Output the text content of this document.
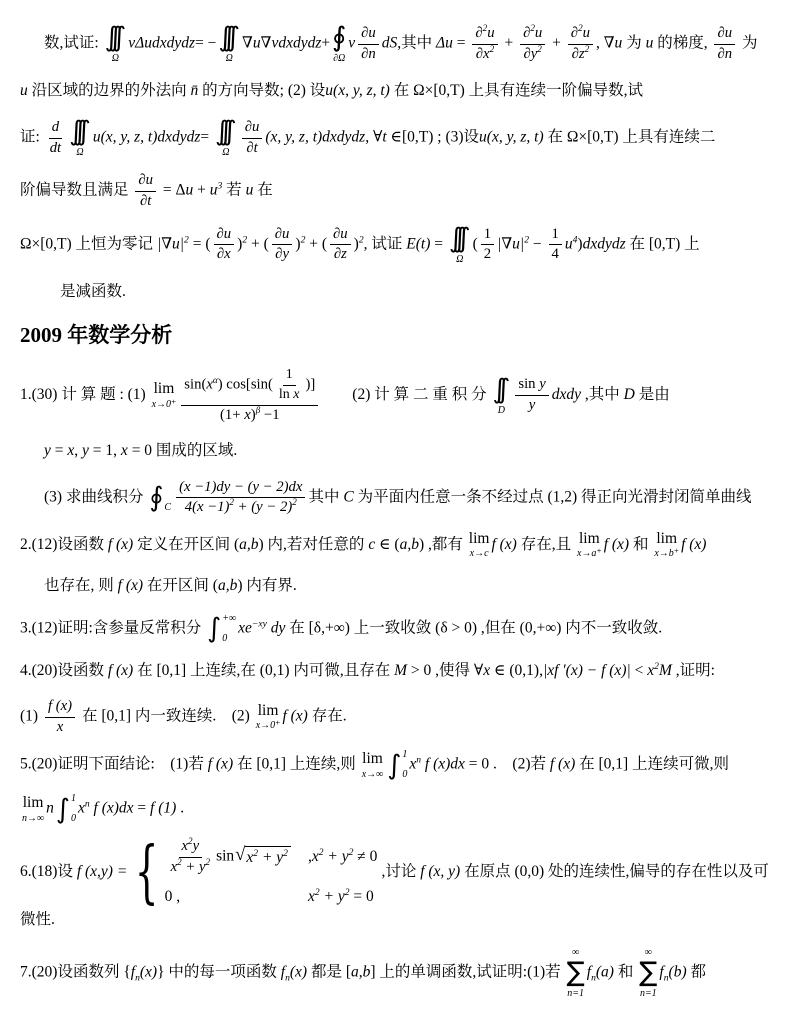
数,试证: ∫∫∫
Ω
vΔudxdydz= − ∫∫∫
Ω
∇u∇vdxdydz+ ∮∮
∂Ω
v $\frac{\partial u}{\partial n}$ dS,其中 $\Delta u = \frac{\partial^2u}{\partial x^2} + \frac{\partial^2u}{\partial y^2} + \frac{\partial^2u}{\partial z^2}$ , ∇u 为 u 的梯度, $\frac{\partial u}{\partial n}$ 为
u 沿区域的边界的外法向 n̄ 的方向导数; (2) 设u(x, y, z, t) 在 Ω×[0,T) 上具有连续一阶偏导数,试
证: $\frac{d}{dt}$ ∫∫∫
Ω
u(x, y, z, t)dxdydz= ∫∫∫
Ω $\frac{\partial u}{\partial t} (x$, y, z, t)dxdydz, ∀t ∈[0,T) ; (3)设u(x, y, z, t) 在 Ω×[0,T) 上具有连续二
阶偏导数且满足 $\frac{\partial u}{\partial t} = \Delta u + u^3$ 若 u 在
Ω×[0,T) 上恒为零记 $|\nabla u|^2$ = ( $\frac{\partial u}{\partial x} )^2$ + ( $\frac{\partial u}{\partial y} )^2$ + ( $\frac{\partial u}{\partial z} )^2$, 试证 E(t) = ∫∫∫
Ω
( $\frac{1}{2} |\nabla u|^2 - \frac{1}{4}$ $u^4)dxdydz$ 在 [0,T) 上
是减函数.
2009 年数学分析
1.(30) 计 算 题 : (1) lim
$x\to 0^+ \frac{\sin(x^\alpha) \cos[\sin( \frac{1}{\text{ln x}} )]}{(1+ x)^\beta -1} (2)$ 计 算 二 重 积 分 ∫∫
D $\frac{\text{sin y}}{y}$ dxdy ,其中 D 是由
y = x, y = 1, x = 0 围成的区域.
(3) 求曲线积分 ∮ C $\frac{(x -1)dy - (y - 2)dx}{4(x -1)^2 + (y - 2)^2}$ 其中 C 为平面内任意一条不经过点 (1,2) 得正向光滑封闭简单曲线
2.(12)设函数 f (x) 定义在开区间 (a,b) 内,若对任意的 c ∈ (a,b) ,都有 lim
x→c
f (x) 存在,且 lim
x→a⁺
f (x) 和 lim
x→b⁺
f (x)
也存在, 则 f (x) 在开区间 (a,b) 内有界.
3.(12)证明:含参量反常积分 ∫ +∞
0
$xe^{-xy}$ dy 在 [δ,+∞) 上一致收敛 (δ > 0) ,但在 (0,+∞) 内不一致收敛.
4.(20)设函数 f (x) 在 [0,1] 上连续,在 (0,1) 内可微,且存在 M > 0 ,使得 ∀x ∈ (0,1),|xf ′(x) − f $(x)| < x^2M$ ,证明:
$(1) \frac{f (x)}{x}$ 在 [0,1] 内一致连续.    (2) lim
x→0⁺
f (x) 存在.
5.(20)证明下面结论:    (1)若 f (x) 在 [0,1] 上连续,则 lim
x→∞ ∫ 1
0
$x^n$ f (x)dx = 0 .    (2)若 f (x) 在 [0,1] 上连续可微,则
lim
n→∞
n ∫ 1
0
$x^n$ f (x)dx = f (1) .
6.(18)设 f (x,y) = { $\frac{x^2y}{x^2 + y^2}$ sin √ $x^2 + y^2$ $,x^2 + y^2 \ne 0$
0 ,	$x^2 + y^2 = 0$
,讨论 f (x, y) 在原点 (0,0) 处的连续性,偏导的存在性以及可微性.
7.(20)设函数列 $\{f_n(x)\}$ 中的每一项函数 $f_n(x)$ 都是 [a,b] 上的单调函数,试证明:(1)若
∞
∑
n=1
$f_n(a)$ 和
∞
∑
n=1
$f_n(b)$ 都
